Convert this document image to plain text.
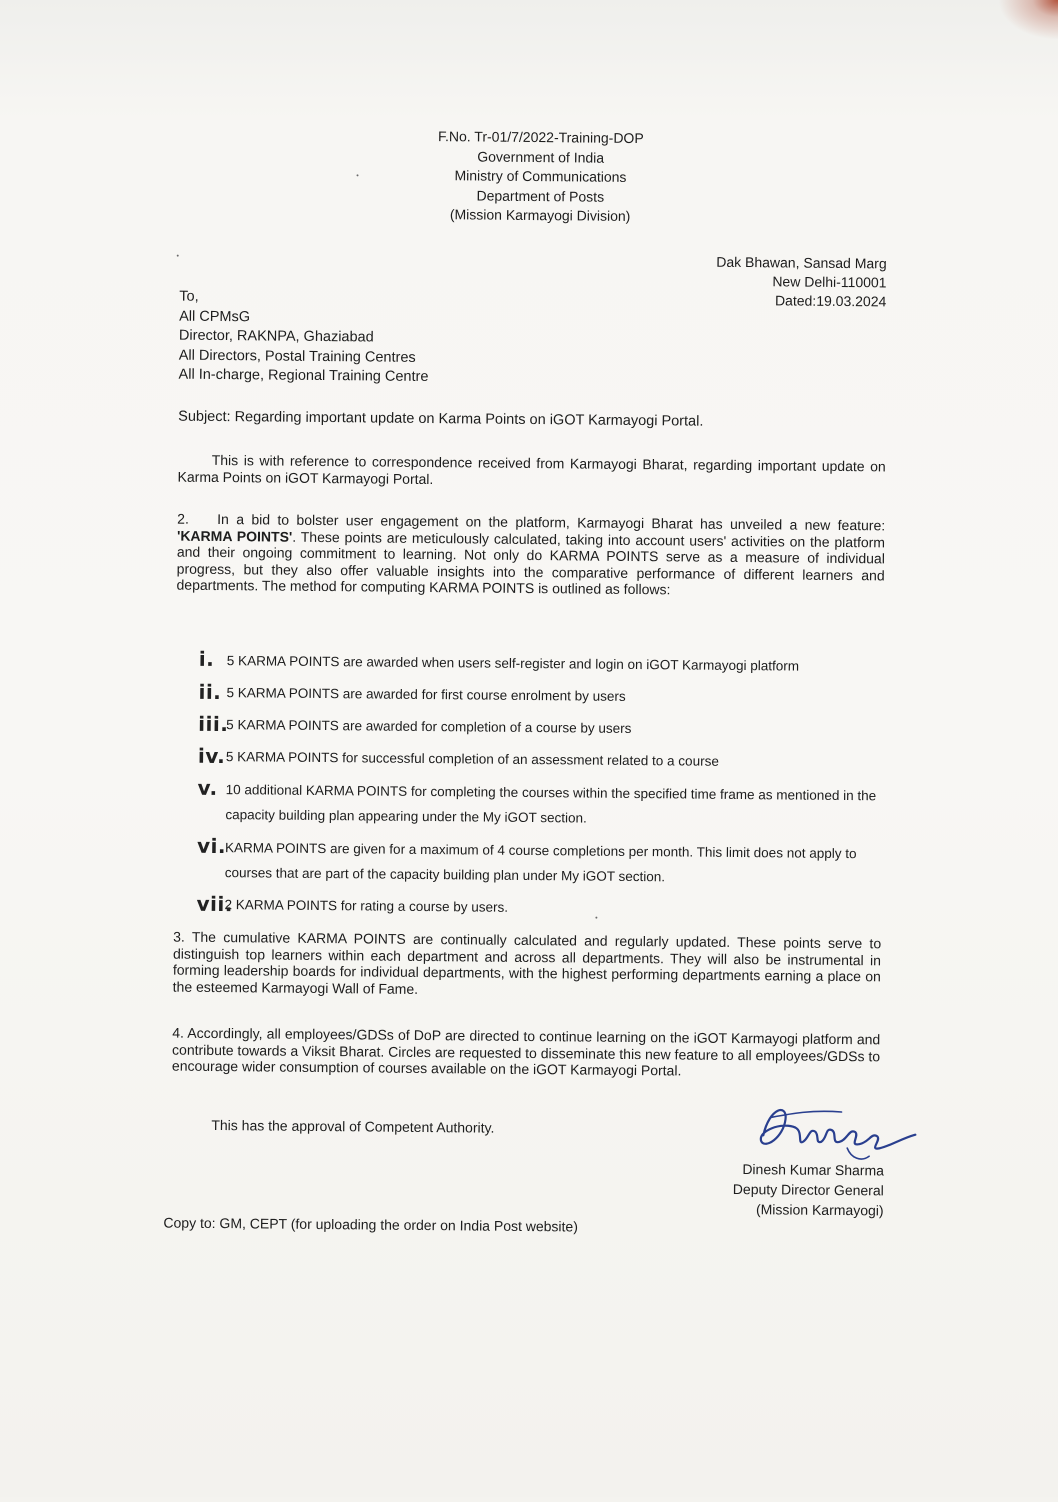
F.No. Tr-01/7/2022-Training-DOP
Government of India
Ministry of Communications
Department of Posts
(Mission Karmayogi Division)
Dak Bhawan, Sansad Marg
New Delhi-110001
Dated:19.03.2024
To,
All CPMsG
Director, RAKNPA, Ghaziabad
All Directors, Postal Training Centres
All In-charge, Regional Training Centre
Subject: Regarding important update on Karma Points on iGOT Karmayogi Portal.
This is with reference to correspondence received from Karmayogi Bharat, regarding important update on Karma Points on iGOT Karmayogi Portal.
2. In a bid to bolster user engagement on the platform, Karmayogi Bharat has unveiled a new feature: 'KARMA POINTS'. These points are meticulously calculated, taking into account users' activities on the platform and their ongoing commitment to learning. Not only do KARMA POINTS serve as a measure of individual progress, but they also offer valuable insights into the comparative performance of different learners and departments. The method for computing KARMA POINTS is outlined as follows:
i. 5 KARMA POINTS are awarded when users self-register and login on iGOT Karmayogi platform
ii. 5 KARMA POINTS are awarded for first course enrolment by users
iii.
5 KARMA POINTS are awarded for completion of a course by users
iv. 5 KARMA POINTS for successful completion of an assessment related to a course
v. 10 additional KARMA POINTS for completing the courses within the specified time frame as mentioned in the capacity building plan appearing under the My iGOT section.
vi.
KARMA POINTS are given for a maximum of 4 course completions per month. This limit does not apply to courses that are part of the capacity building plan under My iGOT section.
vii.
2 KARMA POINTS for rating a course by users.
3. The cumulative KARMA POINTS are continually calculated and regularly updated. These points serve to distinguish top learners within each department and across all departments. They will also be instrumental in forming leadership boards for individual departments, with the highest performing departments earning a place on the esteemed Karmayogi Wall of Fame.
4. Accordingly, all employees/GDSs of DoP are directed to continue learning on the iGOT Karmayogi platform and contribute towards a Viksit Bharat. Circles are requested to disseminate this new feature to all employees/GDSs to encourage wider consumption of courses available on the iGOT Karmayogi Portal.
This has the approval of Competent Authority.
Dinesh Kumar Sharma
Deputy Director General
(Mission Karmayogi)
Copy to: GM, CEPT (for uploading the order on India Post website)
